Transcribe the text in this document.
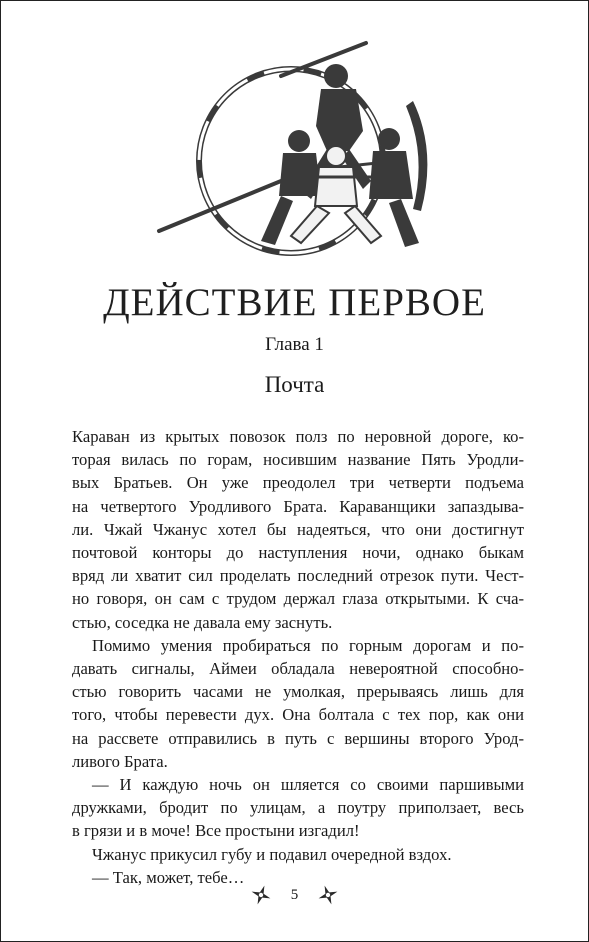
ДЕЙСТВИЕ ПЕРВОЕ
Глава 1
Почта

Караван из крытых повозок полз по неровной дороге, ко-
торая вилась по горам, носившим название Пять Уродли-
вых Братьев. Он уже преодолел три четверти подъема
на четвертого Уродливого Брата. Караванщики запаздыва-
ли. Чжай Чжанус хотел бы надеяться, что они достигнут
почтовой конторы до наступления ночи, однако быкам
вряд ли хватит сил проделать последний отрезок пути. Чест-
но говоря, он сам с трудом держал глаза открытыми. К сча-
стью, соседка не давала ему заснуть.
Помимо умения пробираться по горным дорогам и по-
давать сигналы, Аймеи обладала невероятной способно-
стью говорить часами не умолкая, прерываясь лишь для
того, чтобы перевести дух. Она болтала с тех пор, как они
на рассвете отправились в путь с вершины второго Урод-
ливого Брата.
— И каждую ночь он шляется со своими паршивыми
дружками, бродит по улицам, а поутру приползает, весь
в грязи и в моче! Все простыни изгадил!
Чжанус прикусил губу и подавил очередной вздох.
— Так, может, тебе…

5
